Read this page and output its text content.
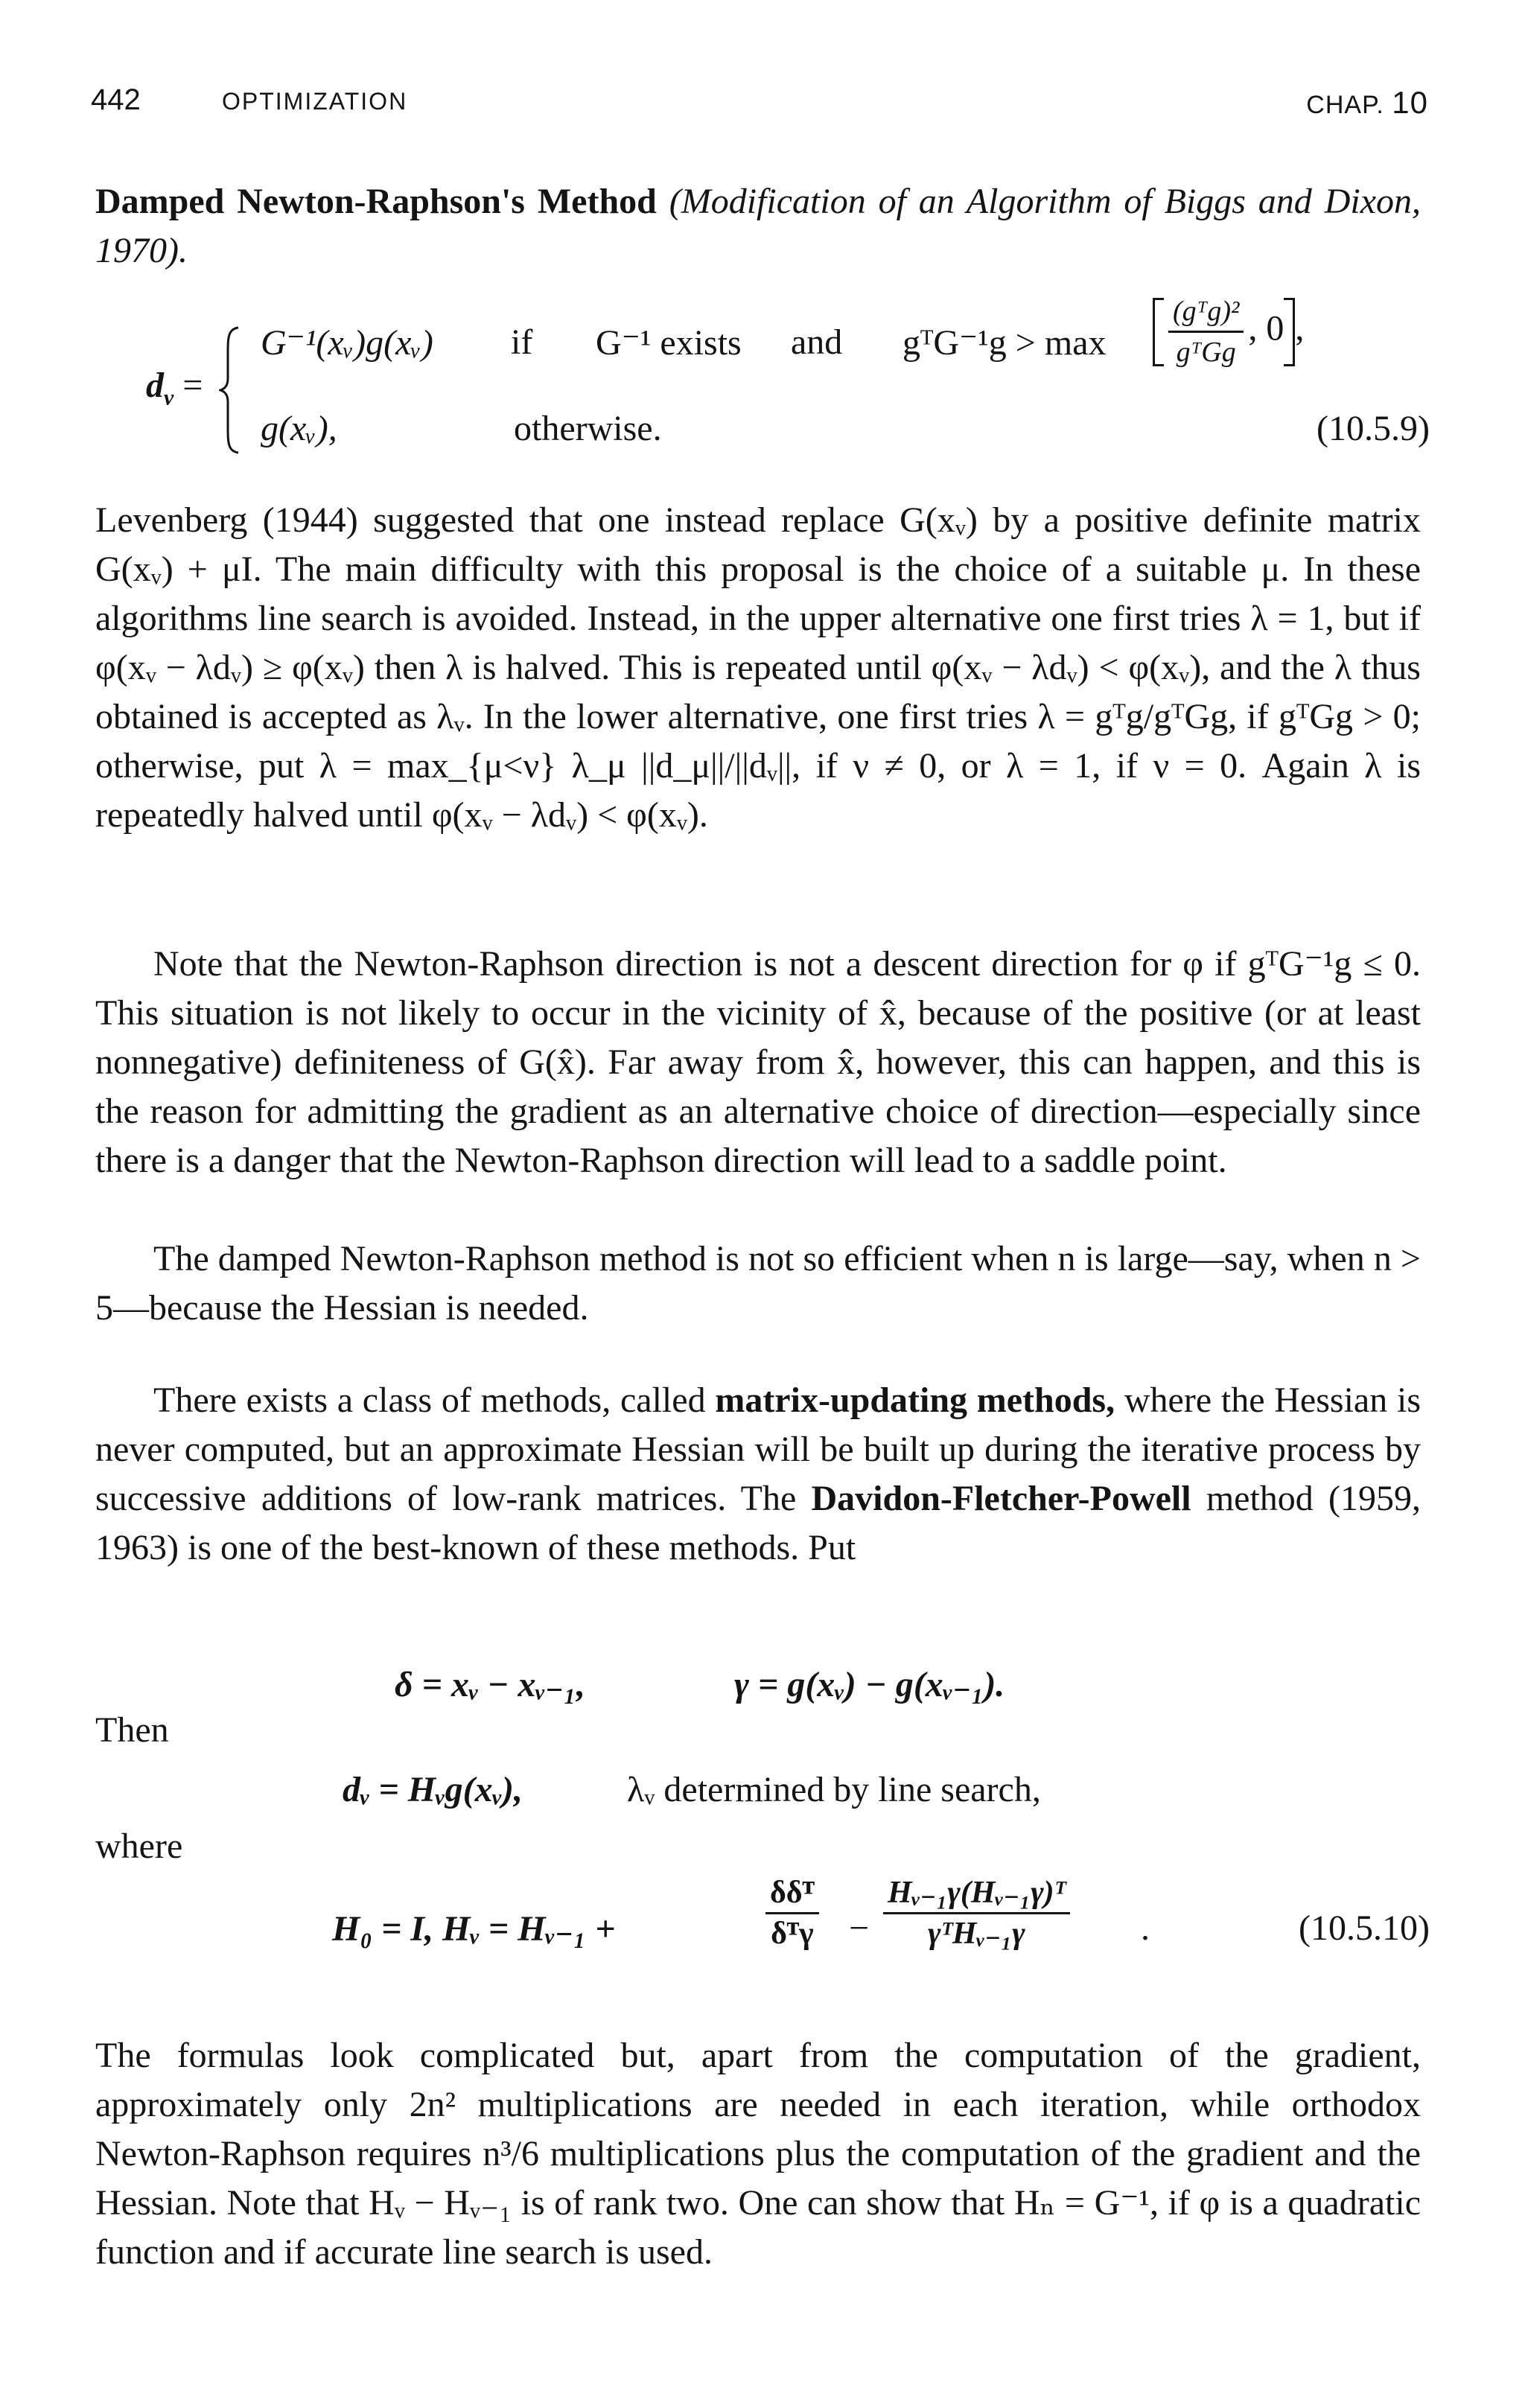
442	OPTIMIZATION	CHAP. 10

Damped Newton-Raphson's Method (Modification of an Algorithm of Biggs and Dixon, 1970).

$d_\nu$ =
G⁻¹(xᵥ)g(xᵥ) if G⁻¹ exists and gᵀG⁻¹g > $\max \frac{\text{(gᵀg)²}}{\text{gᵀGg}}$ , 0 ,
g(xᵥ),	otherwise.	(10.5.9)

Levenberg (1944) suggested that one instead replace G(xᵥ) by a positive definite matrix G(xᵥ) + μI. The main difficulty with this proposal is the choice of a suitable μ. In these algorithms line search is avoided. Instead, in the upper alternative one first tries λ = 1, but if φ(xᵥ − λdᵥ) ≥ φ(xᵥ) then λ is halved. This is repeated until φ(xᵥ − λdᵥ) < φ(xᵥ), and the λ thus obtained is accepted as λᵥ. In the lower alternative, one first tries λ = gᵀg/gᵀGg, if gᵀGg > 0; otherwise, put λ = max_{μ<ν} λ_μ ||d_μ||/||dᵥ||, if ν ≠ 0, or λ = 1, if ν = 0. Again λ is repeatedly halved until φ(xᵥ − λdᵥ) < φ(xᵥ).

Note that the Newton-Raphson direction is not a descent direction for φ if gᵀG⁻¹g ≤ 0. This situation is not likely to occur in the vicinity of x̂, because of the positive (or at least nonnegative) definiteness of G(x̂). Far away from x̂, however, this can happen, and this is the reason for admitting the gradient as an alternative choice of direction—especially since there is a danger that the Newton-Raphson direction will lead to a saddle point.

The damped Newton-Raphson method is not so efficient when n is large—say, when n > 5—because the Hessian is needed.

There exists a class of methods, called matrix-updating methods, where the Hessian is never computed, but an approximate Hessian will be built up during the iterative process by successive additions of low-rank matrices. The Davidon-Fletcher-Powell method (1959, 1963) is one of the best-known of these methods. Put

δ = xᵥ − xᵥ₋₁,	γ = g(xᵥ) − g(xᵥ₋₁).
Then
dᵥ = Hᵥg(xᵥ),	λᵥ determined by line search,
where
H₀ = I, Hᵥ = Hᵥ₋₁ +	$\frac{\text{δδᵀ}}{\text{δᵀγ}} - \frac{\text{Hᵥ₋₁γ(Hᵥ₋₁γ)ᵀ}}{\text{γᵀHᵥ₋₁γ}}$ .	(10.5.10)

The formulas look complicated but, apart from the computation of the gradient, approximately only 2n² multiplications are needed in each iteration, while orthodox Newton-Raphson requires n³/6 multiplications plus the computation of the gradient and the Hessian. Note that Hᵥ − Hᵥ₋₁ is of rank two. One can show that Hₙ = G⁻¹, if φ is a quadratic function and if accurate line search is used.
